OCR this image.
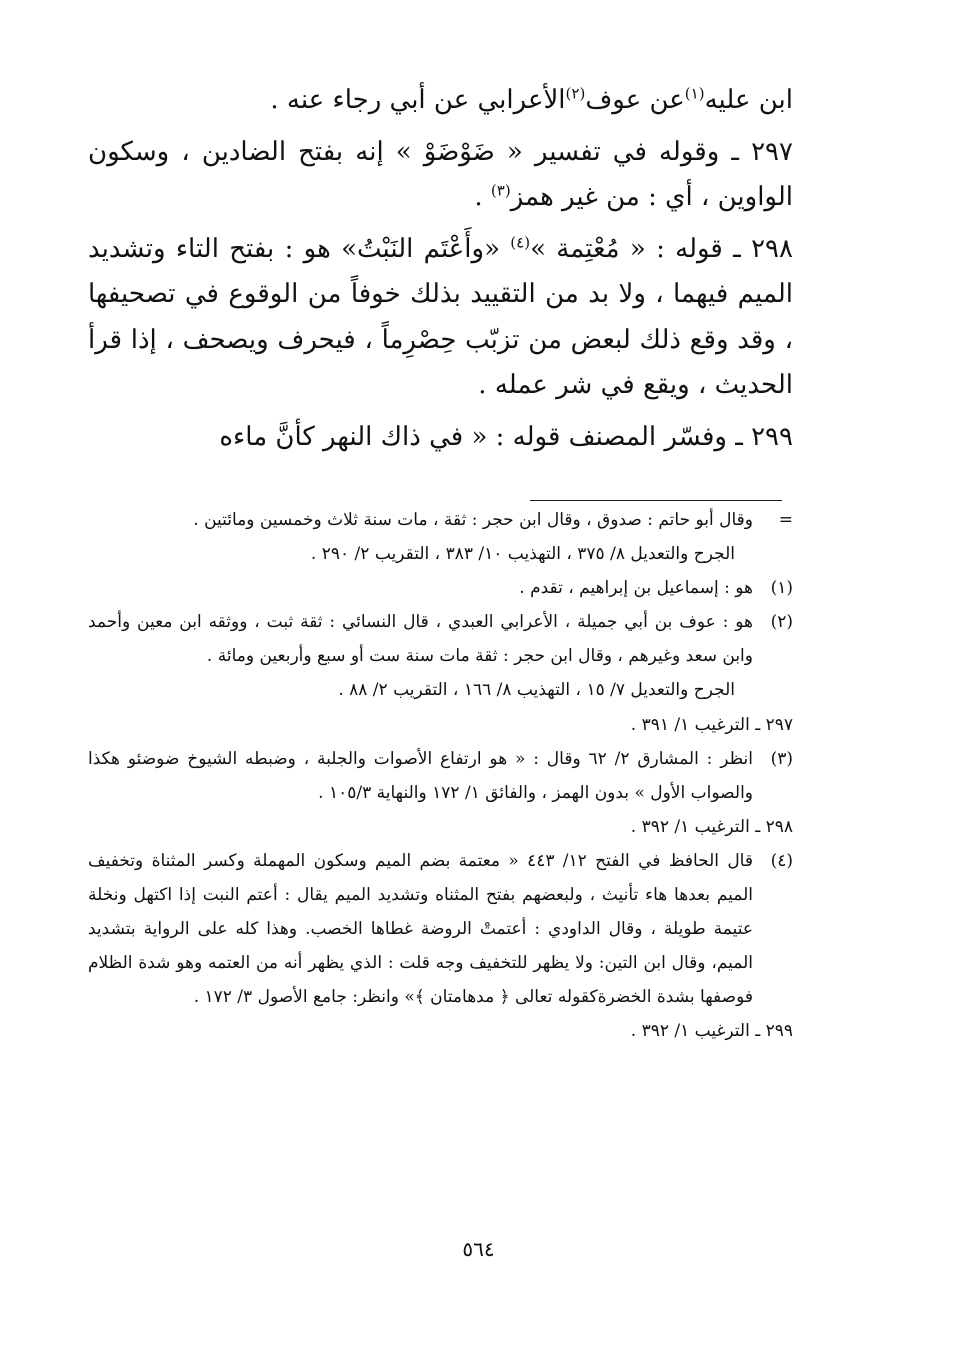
ابن عليه$^{(١)}$عن عوف$^{(٢)}$الأعرابي عن أبي رجاء عنه .

٢٩٧ ـ وقوله في تفسير « ضَوْضَوْ » إنه بفتح الضادين ، وسكون الواوين ، أي : من غير همز$^{(٣)}$ .

٢٩٨ ـ قوله : « مُعْتِمة »$^{(٤)}$ «وأَعْتَم النَبْتُ» هو : بفتح التاء وتشديد الميم فيهما ، ولا بد من التقييد بذلك خوفاً من الوقوع في تصحيفها ، وقد وقع ذلك لبعض من تزبّب حِصْرِماً ، فيحرف ويصحف ، إذا قرأ الحديث ، ويقع في شر عمله .

٢٩٩ ـ وفسّر المصنف قوله : « في ذاك النهر كأنَّ ماءه

=
وقال أبو حاتم : صدوق ، وقال ابن حجر : ثقة ، مات سنة ثلاث وخمسين ومائتين .
الجرح والتعديل ٨/ ٣٧٥ ، التهذيب ١٠/ ٣٨٣ ، التقريب ٢/ ٢٩٠ .
(١)
هو : إسماعيل بن إبراهيم ، تقدم .
(٢)
هو : عوف بن أبي جميلة ، الأعرابي العبدي ، قال النسائي : ثقة ثبت ، ووثقه ابن معين وأحمد وابن سعد وغيرهم ، وقال ابن حجر : ثقة مات سنة ست أو سبع وأربعين ومائة .
الجرح والتعديل ٧/ ١٥ ، التهذيب ٨/ ١٦٦ ، التقريب ٢/ ٨٨ .
٢٩٧ ـ الترغيب ١/ ٣٩١ .
(٣)
انظر : المشارق ٢/ ٦٢ وقال : « هو ارتفاع الأصوات والجلبة ، وضبطه الشيوخ ضوضئو هكذا والصواب الأول » بدون الهمز ، والفائق ١/ ١٧٢ والنهاية ١٠٥/٣ .
٢٩٨ ـ الترغيب ١/ ٣٩٢ .
(٤)
قال الحافظ في الفتح ١٢/ ٤٤٣ « معتمة بضم الميم وسكون المهملة وكسر المثناة وتخفيف الميم بعدها هاء تأنيث ، ولبعضهم بفتح المثناه وتشديد الميم يقال : أعتم النبت إذا اكتهل ونخلة عتيمة طويلة ، وقال الداودي : أعتمتْ الروضة غطاها الخصب. وهذا كله على الرواية بتشديد الميم، وقال ابن التين: ولا يظهر للتخفيف وجه قلت : الذي يظهر أنه من العتمه وهو شدة الظلام فوصفها بشدة الخضرةكقوله تعالى ﴿ مدهامتان ﴾» وانظر: جامع الأصول ٣/ ١٧٢ .
٢٩٩ ـ الترغيب ١/ ٣٩٢ .
٥٦٤
